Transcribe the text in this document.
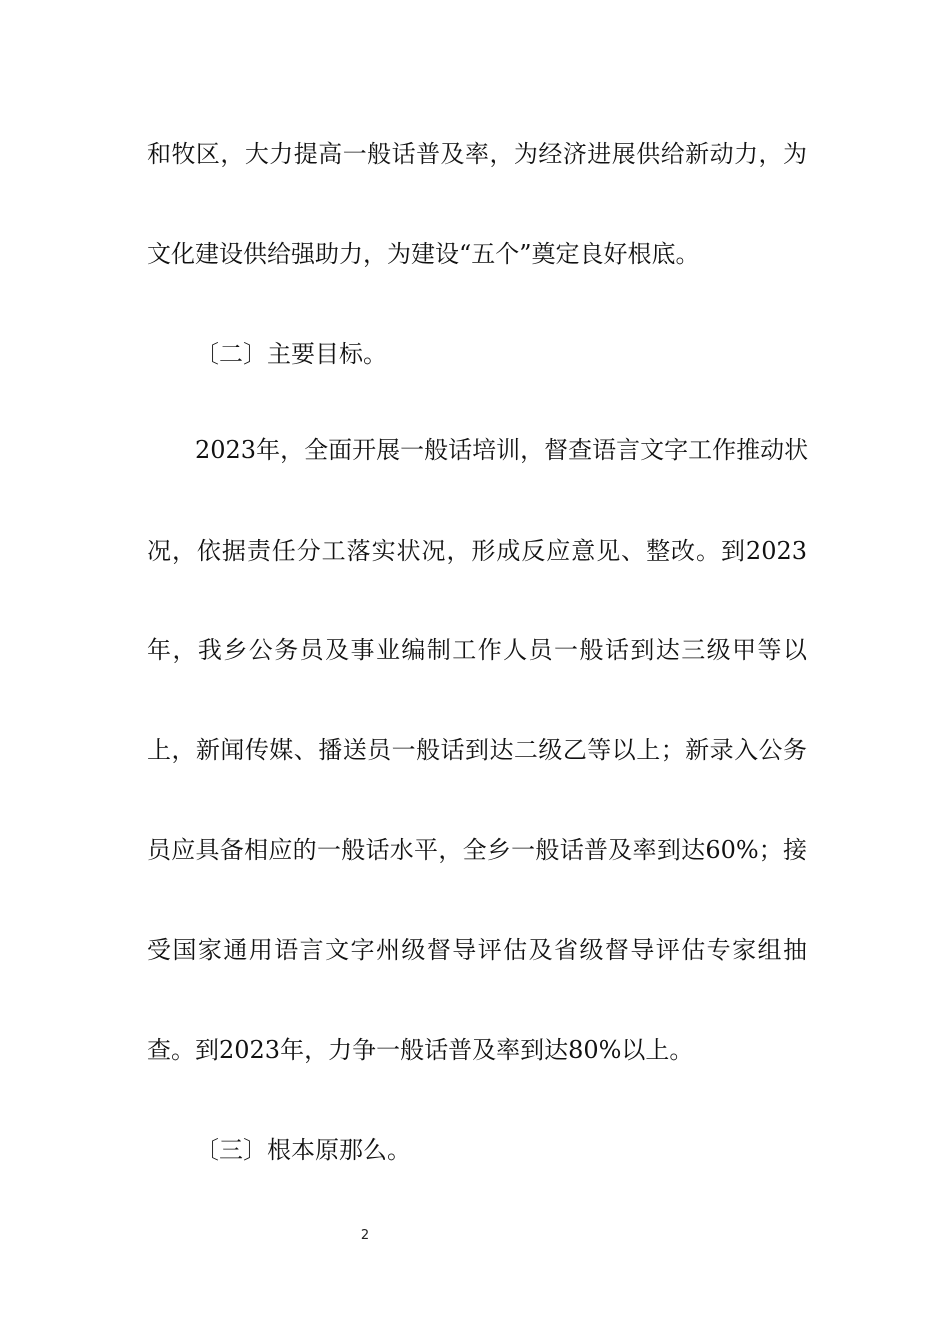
和牧区，大力提高一般话普及率，为经济进展供给新动力，为
文化建设供给强助力，为建设“五个”奠定良好根底。
〔二〕主要目标。
2023年，全面开展一般话培训，督查语言文字工作推动状
况，依据责任分工落实状况，形成反应意见、整改。到2023
年，我乡公务员及事业编制工作人员一般话到达三级甲等以
上，新闻传媒、播送员一般话到达二级乙等以上；新录入公务
员应具备相应的一般话水平，全乡一般话普及率到达60%；接
受国家通用语言文字州级督导评估及省级督导评估专家组抽
查。到2023年，力争一般话普及率到达80%以上。
〔三〕根本原那么。
2
